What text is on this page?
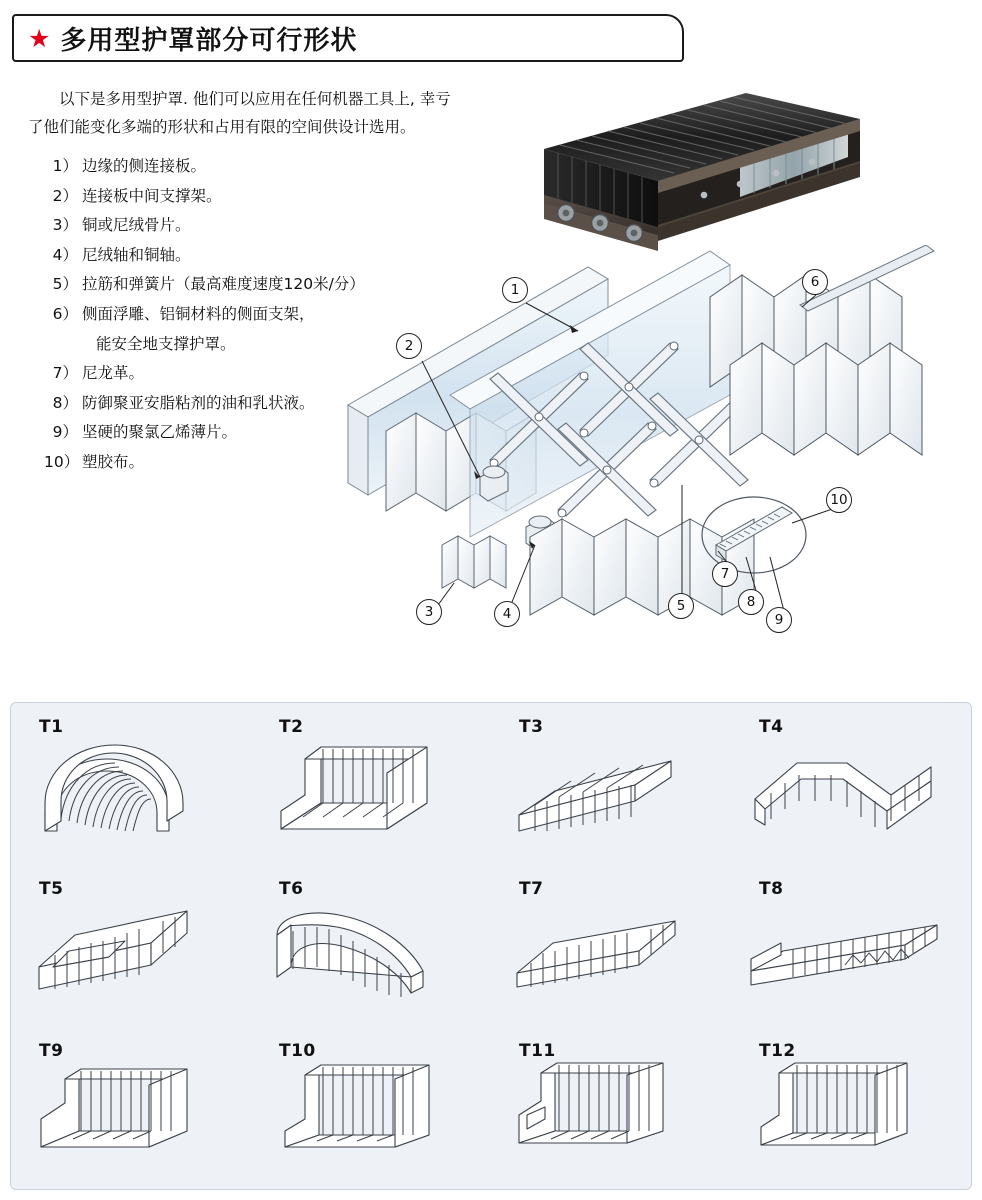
★ 多用型护罩部分可行形状

以下是多用型护罩. 他们可以应用在任何机器工具上, 幸亏了他们能变化多端的形状和占用有限的空间供设计选用。

1） 边缘的侧连接板。
2） 连接板中间支撑架。
3） 铜或尼绒骨片。
4） 尼绒轴和铜轴。
5） 拉筋和弹簧片（最高难度速度120米/分）
6） 侧面浮雕、铝铜材料的侧面支架，
能安全地支撑护罩。
7） 尼龙革。
8） 防御聚亚安脂粘剂的油和乳状液。
9） 坚硬的聚氯乙烯薄片。
10） 塑胶布。
1
2
3	4	5
6
7
8
9
10
T1	T2	T3	T4
T5	T6	T7	T8
T9	T10	T11	T12
